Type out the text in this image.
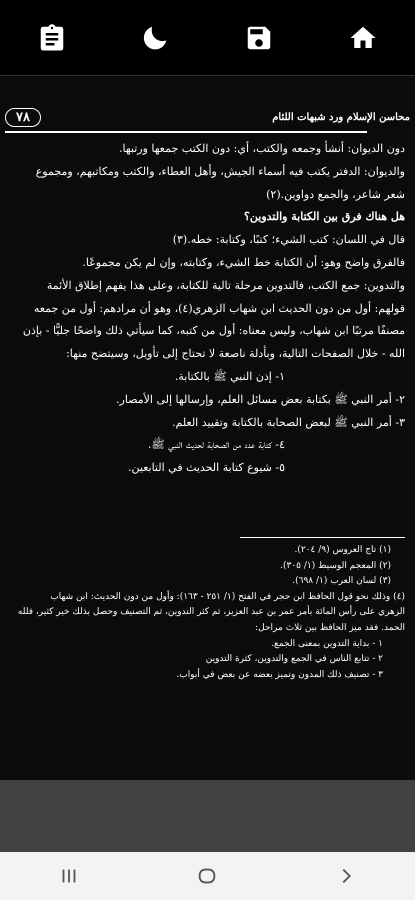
٧٨	محاسن الإسلام ورد شبهات اللئام

دون الديوان: أنشأ وجمعه والكتب، أي: دون الكتب جمعها ورتبها.

والديوان: الدفتر يكتب فيه أسماء الجيش، وأهل العطاء، والكتب ومكاتبهم، ومجموع

شعر شاعر، والجمع دواوين.(٢)

هل هناك فرق بين الكتابة والتدوين؟

قال في اللسان: كتب الشيء؛ كتبًا، وكتابة: خطه.(٣)

فالفرق واضح وهو: أن الكتابة خط الشيء، وكتابته، وإن لم يكن مجموعًا.

والتدوين: جمع الكتب، فالتدوين مرحلة تالية للكتابة، وعلى هذا يفهم إطلاق الأئمة

قولهم: أول من دون الحديث ابن شهاب الزهري(٤)، وهو أن مرادهم: أول من جمعه

مصنفًا مرتبًا ابن شهاب، وليس معناه: أول من كتبه، كما سيأتي ذلك واضحًا جليًّا - بإذن

الله - خلال الصفحات التالية، وبأدلة ناصعة لا تحتاج إلى تأويل، وسيتضح منها:

١- إذن النبي ﷺ بالكتابة.

٢- أمر النبي ﷺ بكتابة بعض مسائل العلم، وإرسالها إلى الأمصار.

٣- أمر النبي ﷺ لبعض الصحابة بالكتابة وتقييد العلم.

٤- كتابة عدد من الصحابة لحديث النبي ﷺ.

٥- شيوع كتابة الحديث في التابعين.

(١) تاج العروس (٩/ ٢٠٤).

(٢) المعجم الوسيط (١/ ٣٠٥).

(٣) لسان العرب (١/ ٦٩٨).

(٤) وذلك نحو قول الحافظ ابن حجر في الفتح (١/ ٢٥١ - ١٦٣): وأول من دون الحديث: ابن شهاب

الزهري على رأس المائة بأمر عمر بن عبد العزيز، ثم كثر التدوين، ثم التصنيف وحصل بذلك خير كثير، فلله

الحمد. فقد ميز الحافظ بين ثلاث مراحل:

١ - بداية التدوين بمعنى الجمع.

٢ - تتابع الناس في الجمع والتدوين، كثرة التدوين

٣ - تصنيف ذلك المدون وتميز بعضه عن بعض في أبواب.
